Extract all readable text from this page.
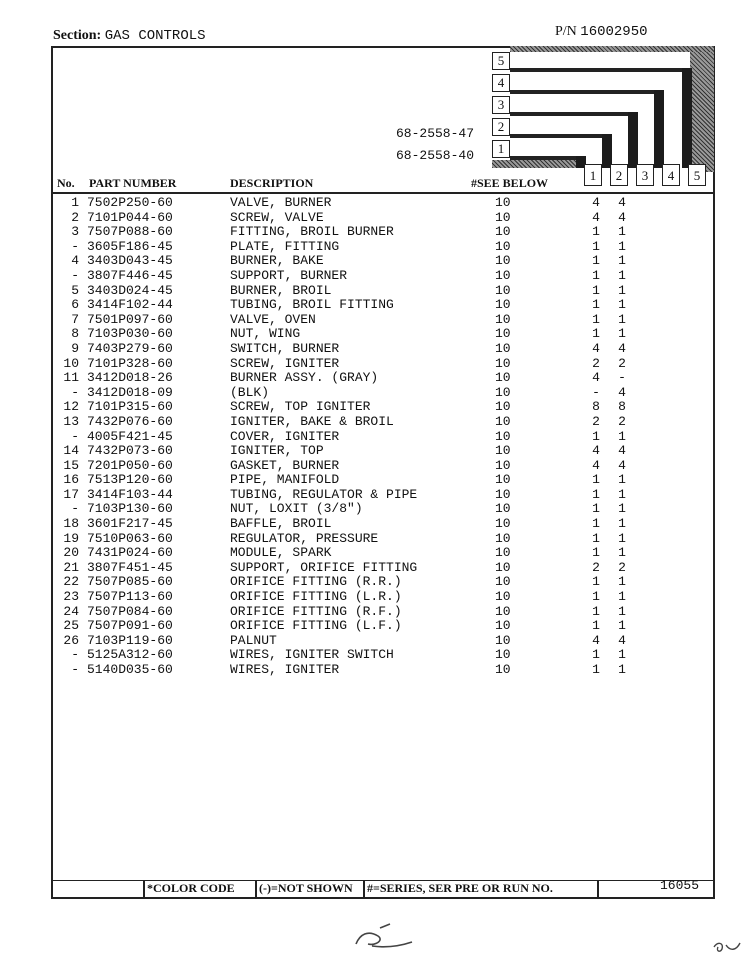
Section: GAS CONTROLS	P/N 16002950
5
4
3
2
1
68-2558-47
68-2558-40
No. PART NUMBER	DESCRIPTION	#SEE BELOW	1	2	3	4	5
1 7502P250-60	VALVE, BURNER	10	4 4
2 7101P044-60	SCREW, VALVE	10	4 4
3 7507P088-60	FITTING, BROIL BURNER	10	1 1
- 3605F186-45	PLATE, FITTING	10	1 1
4 3403D043-45	BURNER, BAKE	10	1 1
- 3807F446-45	SUPPORT, BURNER	10	1 1
5 3403D024-45	BURNER, BROIL	10	1 1
6 3414F102-44	TUBING, BROIL FITTING	10	1 1
7 7501P097-60	VALVE, OVEN	10	1 1
8 7103P030-60	NUT, WING	10	1 1
9 7403P279-60	SWITCH, BURNER	10	4 4
10 7101P328-60	SCREW, IGNITER	10	2 2
11 3412D018-26	BURNER ASSY. (GRAY)	10	4 -
- 3412D018-09	(BLK)	10	- 4
12 7101P315-60	SCREW, TOP IGNITER	10	8 8
13 7432P076-60	IGNITER, BAKE & BROIL	10	2 2
- 4005F421-45	COVER, IGNITER	10	1 1
14 7432P073-60	IGNITER, TOP	10	4 4
15 7201P050-60	GASKET, BURNER	10	4 4
16 7513P120-60	PIPE, MANIFOLD	10	1 1
17 3414F103-44	TUBING, REGULATOR & PIPE	10	1 1
- 7103P130-60	NUT, LOXIT (3/8")	10	1 1
18 3601F217-45	BAFFLE, BROIL	10	1 1
19 7510P063-60	REGULATOR, PRESSURE	10	1 1
20 7431P024-60	MODULE, SPARK	10	1 1
21 3807F451-45	SUPPORT, ORIFICE FITTING	10	2 2
22 7507P085-60	ORIFICE FITTING (R.R.)	10	1 1
23 7507P113-60	ORIFICE FITTING (L.R.)	10	1 1
24 7507P084-60	ORIFICE FITTING (R.F.)	10	1 1
25 7507P091-60	ORIFICE FITTING (L.F.)	10	1 1
26 7103P119-60	PALNUT	10	4 4
- 5125A312-60	WIRES, IGNITER SWITCH	10	1 1
- 5140D035-60	WIRES, IGNITER	10	1 1
*COLOR CODE (-)=NOT SHOWN #=SERIES, SER PRE OR RUN NO.	16055
